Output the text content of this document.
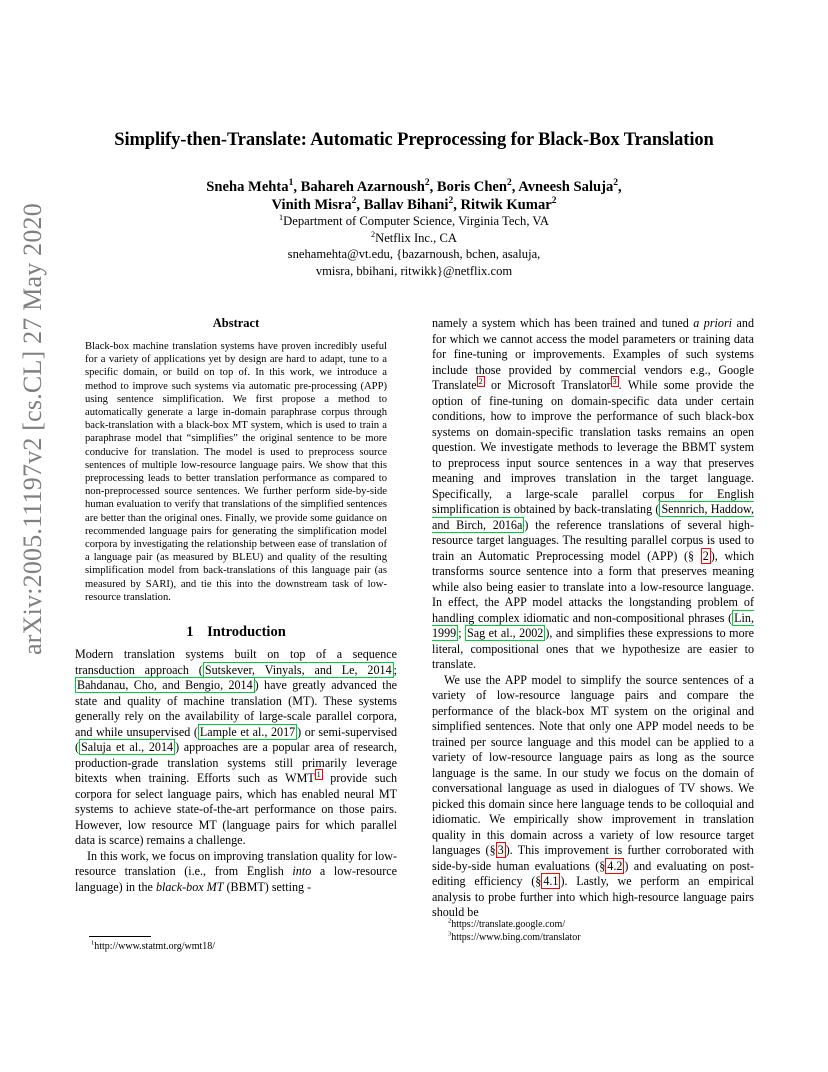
arXiv:2005.11197v2 [cs.CL] 27 May 2020
Simplify-then-Translate: Automatic Preprocessing for Black-Box Translation
Sneha Mehta$^1$, Bahareh Azarnoush$^2$, Boris Chen$^2$, Avneesh Saluja$^2$,
Vinith Misra$^2$, Ballav Bihani$^2$, Ritwik Kumar$^2$
$^1$Department of Computer Science, Virginia Tech, VA
$^2$Netflix Inc., CA
snehamehta@vt.edu, {bazarnoush, bchen, asaluja,
vmisra, bbihani, ritwikk}@netflix.com
Abstract

Black-box machine translation systems have proven incredibly useful for a variety of applications yet by design are hard to adapt, tune to a specific domain, or build on top of. In this work, we introduce a method to improve such systems via automatic pre-processing (APP) using sentence simplification. We first propose a method to automatically generate a large in-domain paraphrase corpus through back-translation with a black-box MT system, which is used to train a paraphrase model that “simplifies” the original sentence to be more conducive for translation. The model is used to preprocess source sentences of multiple low-resource language pairs. We show that this preprocessing leads to better translation performance as compared to non-preprocessed source sentences. We further perform side-by-side human evaluation to verify that translations of the simplified sentences are better than the original ones. Finally, we provide some guidance on recommended language pairs for generating the simplification model corpora by investigating the relationship between ease of translation of a language pair (as measured by BLEU) and quality of the resulting simplification model from back-translations of this language pair (as measured by SARI), and tie this into the downstream task of low-resource translation.

1 Introduction

Modern translation systems built on top of a sequence transduction approach ( Sutskever, Vinyals, and Le, 2014 ; Bahdanau, Cho, and Bengio, 2014 ) have greatly advanced the state and quality of machine translation (MT). These systems generally rely on the availability of large-scale parallel corpora, and while unsupervised ( Lample et al., 2017 ) or semi-supervised ( Saluja et al., 2014 ) approaches are a popular area of research, production-grade translation systems still primarily leverage bitexts when training. Efforts such as WMT $^1$ provide such corpora for select language pairs, which has enabled neural MT systems to achieve state-of-the-art performance on those pairs. However, low resource MT (language pairs for which parallel data is scarce) remains a challenge.

In this work, we focus on improving translation quality for low-resource translation (i.e., from English into a low-resource language) in the black-box MT (BBMT) setting -

$^1$http://www.statmt.org/wmt18/

namely a system which has been trained and tuned a priori and for which we cannot access the model parameters or training data for fine-tuning or improvements. Examples of such systems include those provided by commercial vendors e.g., Google Translate $^2$ or Microsoft Translator $^3$ . While some provide the option of fine-tuning on domain-specific data under certain conditions, how to improve the performance of such black-box systems on domain-specific translation tasks remains an open question. We investigate methods to leverage the BBMT system to preprocess input source sentences in a way that preserves meaning and improves translation in the target language. Specifically, a large-scale parallel corpus for English simplification is obtained by back-translating ( Sennrich, Haddow, and Birch, 2016a ) the reference translations of several high-resource target languages. The resulting parallel corpus is used to train an Automatic Preprocessing model (APP) (§ 2 ), which transforms source sentence into a form that preserves meaning while also being easier to translate into a low-resource language. In effect, the APP model attacks the longstanding problem of handling complex idiomatic and non-compositional phrases ( Lin, 1999 ; Sag et al., 2002 ), and simplifies these expressions to more literal, compositional ones that we hypothesize are easier to translate.

We use the APP model to simplify the source sentences of a variety of low-resource language pairs and compare the performance of the black-box MT system on the original and simplified sentences. Note that only one APP model needs to be trained per source language and this model can be applied to a variety of low-resource language pairs as long as the source language is the same. In our study we focus on the domain of conversational language as used in dialogues of TV shows. We picked this domain since here language tends to be colloquial and idiomatic. We empirically show improvement in translation quality in this domain across a variety of low resource target languages (§ 3 ). This improvement is further corroborated with side-by-side human evaluations (§ 4.2 ) and evaluating on post-editing efficiency (§ 4.1 ). Lastly, we perform an empirical analysis to probe further into which high-resource language pairs should be

$^2$https://translate.google.com/
$^3$https://www.bing.com/translator
